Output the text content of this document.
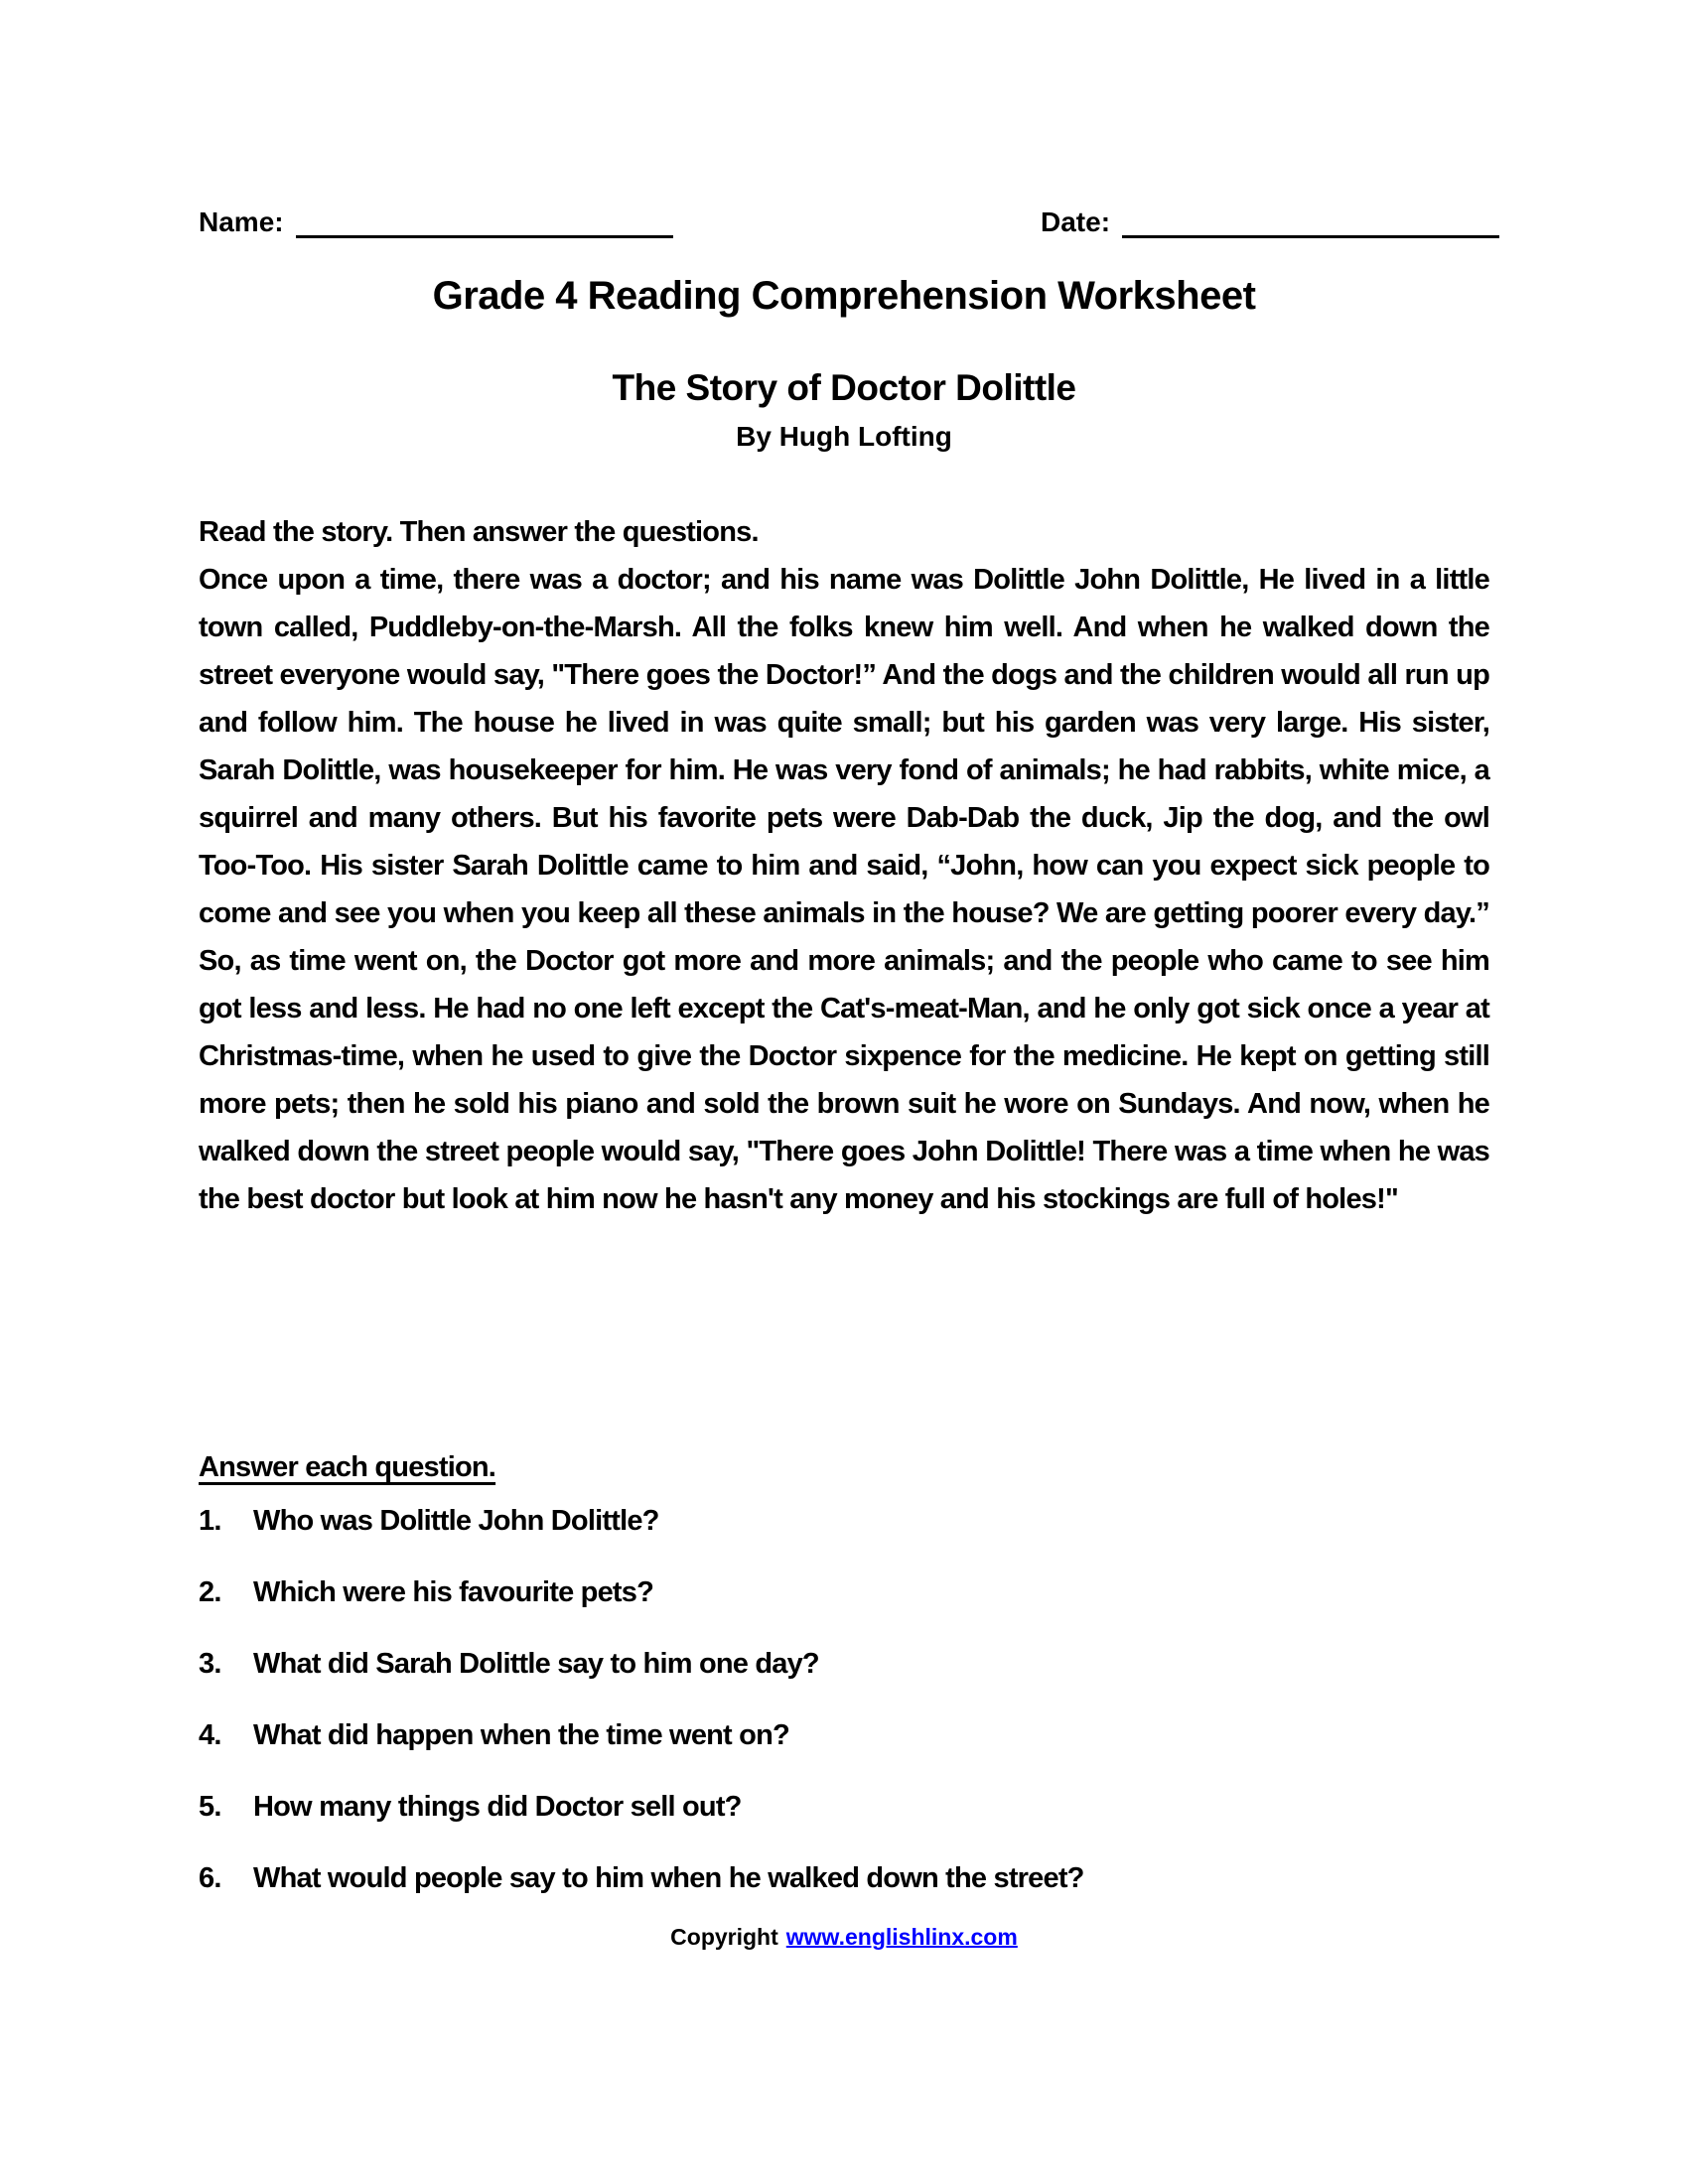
Name:	Date:
Grade 4 Reading Comprehension Worksheet
The Story of Doctor Dolittle
By Hugh Lofting
Read the story. Then answer the questions.

Once upon a time, there was a doctor; and his name was Dolittle John Dolittle, He lived in a little town called, Puddleby-on-the-Marsh. All the folks knew him well. And when he walked down the street everyone would say, "There goes the Doctor!” And the dogs and the children would all run up and follow him. The house he lived in was quite small; but his garden was very large. His sister, Sarah Dolittle, was housekeeper for him. He was very fond of animals; he had rabbits, white mice, a squirrel and many others. But his favorite pets were Dab-Dab the duck, Jip the dog, and the owl Too-Too. His sister Sarah Dolittle came to him and said, “John, how can you expect sick people to come and see you when you keep all these animals in the house? We are getting poorer every day.” So, as time went on, the Doctor got more and more animals; and the people who came to see him got less and less. He had no one left except the Cat's-meat-Man, and he only got sick once a year at Christmas-time, when he used to give the Doctor sixpence for the medicine. He kept on getting still more pets; then he sold his piano and sold the brown suit he wore on Sundays. And now, when he walked down the street people would say, "There goes John Dolittle! There was a time when he was the best doctor but look at him now he hasn't any money and his stockings are full of holes!"

Answer each question.
1.	Who was Dolittle John Dolittle?
2.	Which were his favourite pets?
3.	What did Sarah Dolittle say to him one day?
4.	What did happen when the time went on?
5.	How many things did Doctor sell out?
6.	What would people say to him when he walked down the street?
Copyright www.englishlinx.com
